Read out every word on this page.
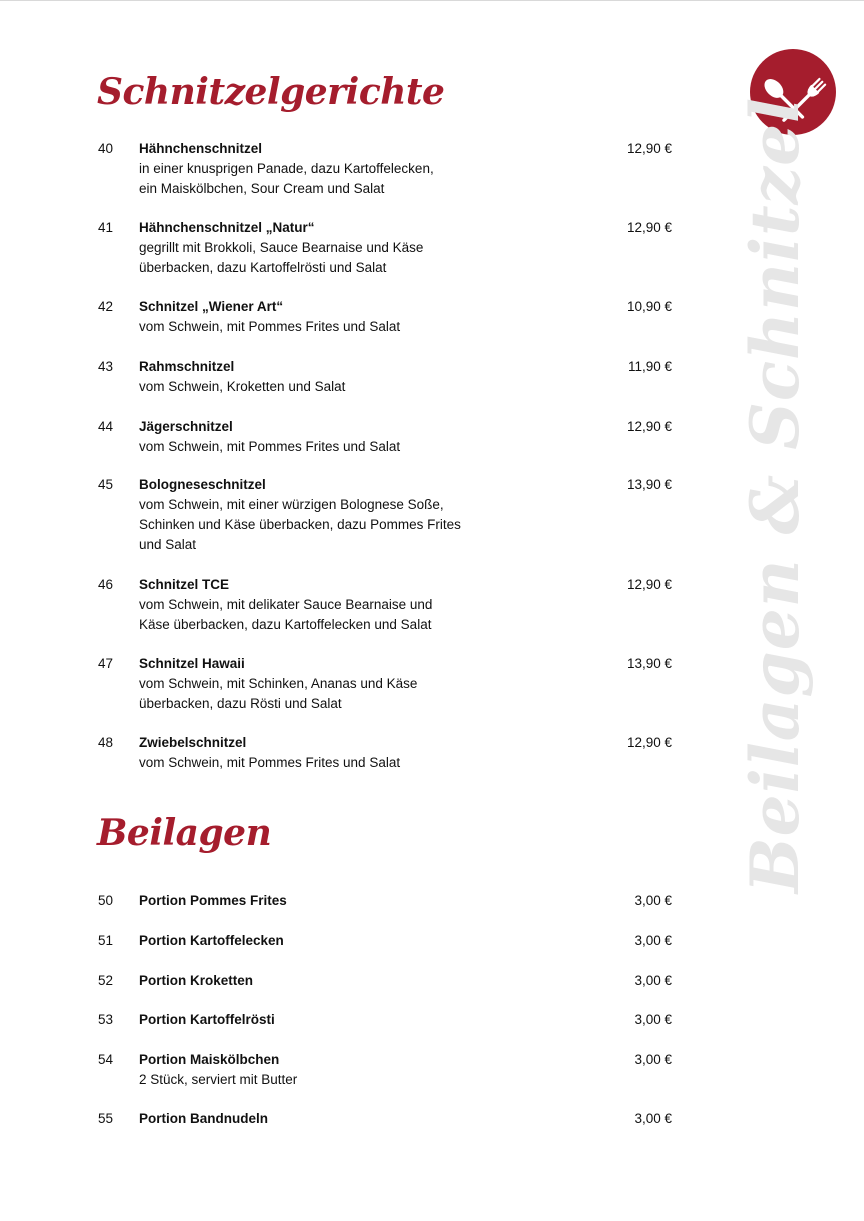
Schnitzelgerichte
Beilagen & Schnitzel
40 Hähnchenschnitzel
in einer knusprigen Panade, dazu Kartoffelecken,
ein Maiskölbchen, Sour Cream und Salat
12,90 €
41 Hähnchenschnitzel „Natur“
gegrillt mit Brokkoli, Sauce Bearnaise und Käse
überbacken, dazu Kartoffelrösti und Salat
12,90 €
42 Schnitzel „Wiener Art“
vom Schwein, mit Pommes Frites und Salat
10,90 €
43 Rahmschnitzel
vom Schwein, Kroketten und Salat
11,90 €
44 Jägerschnitzel
vom Schwein, mit Pommes Frites und Salat
12,90 €
45 Bologneseschnitzel
vom Schwein, mit einer würzigen Bolognese Soße,
Schinken und Käse überbacken, dazu Pommes Frites
und Salat
13,90 €
46 Schnitzel TCE
vom Schwein, mit delikater Sauce Bearnaise und
Käse überbacken, dazu Kartoffelecken und Salat
12,90 €
47 Schnitzel Hawaii
vom Schwein, mit Schinken, Ananas und Käse
überbacken, dazu Rösti und Salat
13,90 €
48 Zwiebelschnitzel
vom Schwein, mit Pommes Frites und Salat
12,90 €
Beilagen
50 Portion Pommes Frites	3,00 €
51 Portion Kartoffelecken	3,00 €
52 Portion Kroketten	3,00 €
53 Portion Kartoffelrösti	3,00 €
54 Portion Maiskölbchen
2 Stück, serviert mit Butter
3,00 €
55 Portion Bandnudeln	3,00 €
